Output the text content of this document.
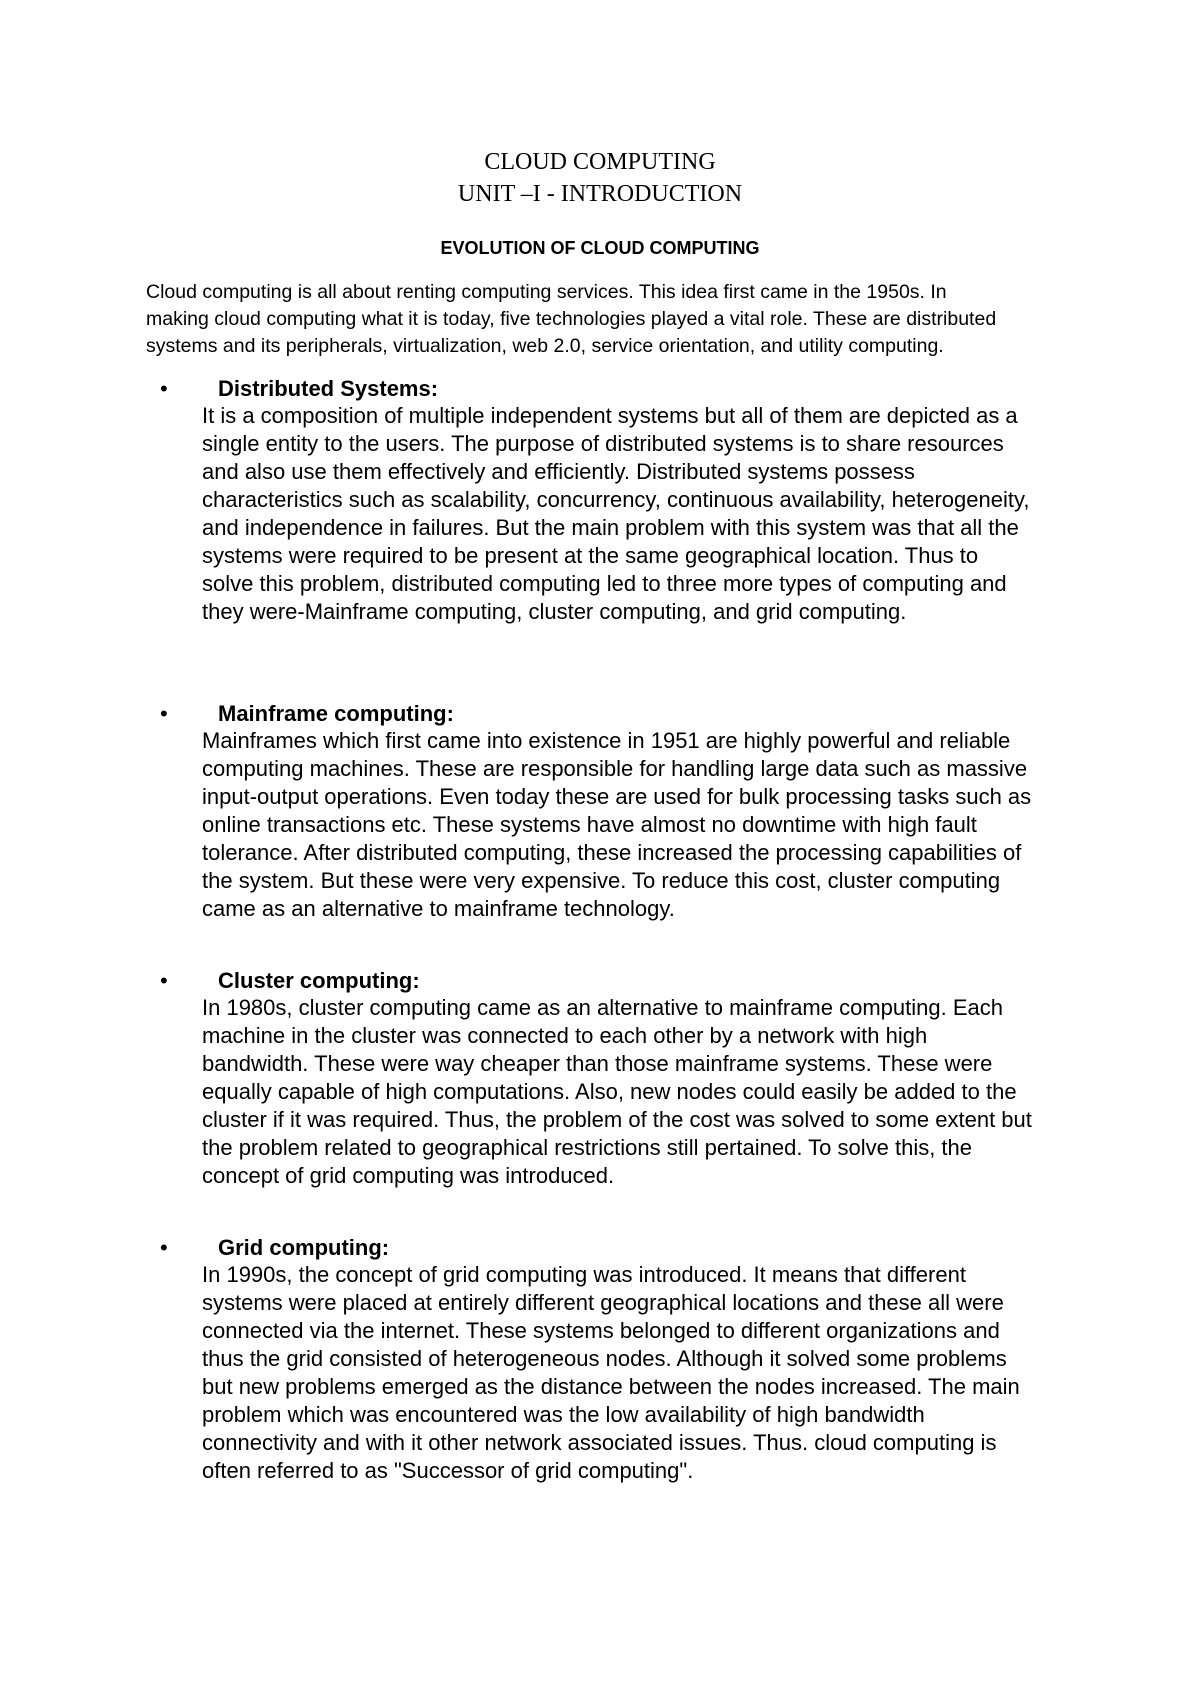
CLOUD COMPUTING
UNIT –I - INTRODUCTION
EVOLUTION OF CLOUD COMPUTING
Cloud computing is all about renting computing services. This idea first came in the 1950s. In
making cloud computing what it is today, five technologies played a vital role. These are distributed
systems and its peripherals, virtualization, web 2.0, service orientation, and utility computing.
• Distributed Systems:
It is a composition of multiple independent systems but all of them are depicted as a
single entity to the users. The purpose of distributed systems is to share resources
and also use them effectively and efficiently. Distributed systems possess
characteristics such as scalability, concurrency, continuous availability, heterogeneity,
and independence in failures. But the main problem with this system was that all the
systems were required to be present at the same geographical location. Thus to
solve this problem, distributed computing led to three more types of computing and
they were-Mainframe computing, cluster computing, and grid computing.
• Mainframe computing:
Mainframes which first came into existence in 1951 are highly powerful and reliable
computing machines. These are responsible for handling large data such as massive
input-output operations. Even today these are used for bulk processing tasks such as
online transactions etc. These systems have almost no downtime with high fault
tolerance. After distributed computing, these increased the processing capabilities of
the system. But these were very expensive. To reduce this cost, cluster computing
came as an alternative to mainframe technology.
• Cluster computing:
In 1980s, cluster computing came as an alternative to mainframe computing. Each
machine in the cluster was connected to each other by a network with high
bandwidth. These were way cheaper than those mainframe systems. These were
equally capable of high computations. Also, new nodes could easily be added to the
cluster if it was required. Thus, the problem of the cost was solved to some extent but
the problem related to geographical restrictions still pertained. To solve this, the
concept of grid computing was introduced.
• Grid computing:
In 1990s, the concept of grid computing was introduced. It means that different
systems were placed at entirely different geographical locations and these all were
connected via the internet. These systems belonged to different organizations and
thus the grid consisted of heterogeneous nodes. Although it solved some problems
but new problems emerged as the distance between the nodes increased. The main
problem which was encountered was the low availability of high bandwidth
connectivity and with it other network associated issues. Thus. cloud computing is
often referred to as "Successor of grid computing".
